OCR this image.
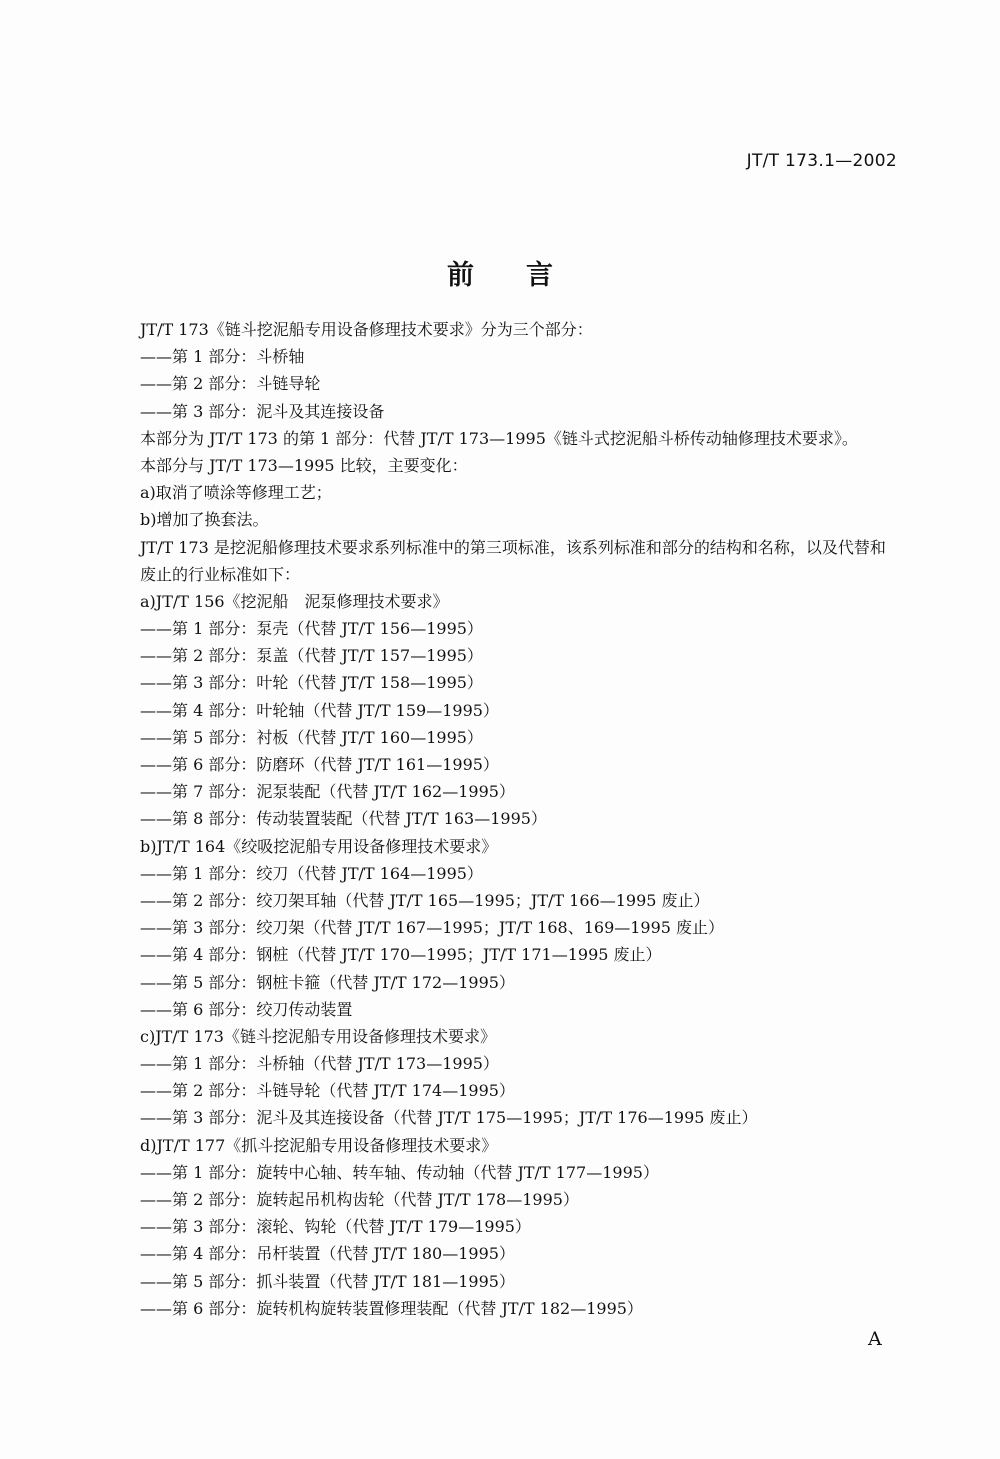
JT/T 173.1—2002
前言
JT/T 173《链斗挖泥船专用设备修理技术要求》分为三个部分：
——第 1 部分：斗桥轴
——第 2 部分：斗链导轮
——第 3 部分：泥斗及其连接设备
本部分为 JT/T 173 的第 1 部分：代替 JT/T 173—1995《链斗式挖泥船斗桥传动轴修理技术要求》。
本部分与 JT/T 173—1995 比较，主要变化：
a)取消了喷涂等修理工艺；
b)增加了换套法。
JT/T 173 是挖泥船修理技术要求系列标准中的第三项标准，该系列标准和部分的结构和名称，以及代替和废止的行业标准如下：
a)JT/T 156《挖泥船　泥泵修理技术要求》
——第 1 部分：泵壳（代替 JT/T 156—1995）
——第 2 部分：泵盖（代替 JT/T 157—1995）
——第 3 部分：叶轮（代替 JT/T 158—1995）
——第 4 部分：叶轮轴（代替 JT/T 159—1995）
——第 5 部分：衬板（代替 JT/T 160—1995）
——第 6 部分：防磨环（代替 JT/T 161—1995）
——第 7 部分：泥泵装配（代替 JT/T 162—1995）
——第 8 部分：传动装置装配（代替 JT/T 163—1995）
b)JT/T 164《绞吸挖泥船专用设备修理技术要求》
——第 1 部分：绞刀（代替 JT/T 164—1995）
——第 2 部分：绞刀架耳轴（代替 JT/T 165—1995；JT/T 166—1995 废止）
——第 3 部分：绞刀架（代替 JT/T 167—1995；JT/T 168、169—1995 废止）
——第 4 部分：钢桩（代替 JT/T 170—1995；JT/T 171—1995 废止）
——第 5 部分：钢桩卡箍（代替 JT/T 172—1995）
——第 6 部分：绞刀传动装置
c)JT/T 173《链斗挖泥船专用设备修理技术要求》
——第 1 部分：斗桥轴（代替 JT/T 173—1995）
——第 2 部分：斗链导轮（代替 JT/T 174—1995）
——第 3 部分：泥斗及其连接设备（代替 JT/T 175—1995；JT/T 176—1995 废止）
d)JT/T 177《抓斗挖泥船专用设备修理技术要求》
——第 1 部分：旋转中心轴、转车轴、传动轴（代替 JT/T 177—1995）
——第 2 部分：旋转起吊机构齿轮（代替 JT/T 178—1995）
——第 3 部分：滚轮、钩轮（代替 JT/T 179—1995）
——第 4 部分：吊杆装置（代替 JT/T 180—1995）
——第 5 部分：抓斗装置（代替 JT/T 181—1995）
——第 6 部分：旋转机构旋转装置修理装配（代替 JT/T 182—1995）
A
